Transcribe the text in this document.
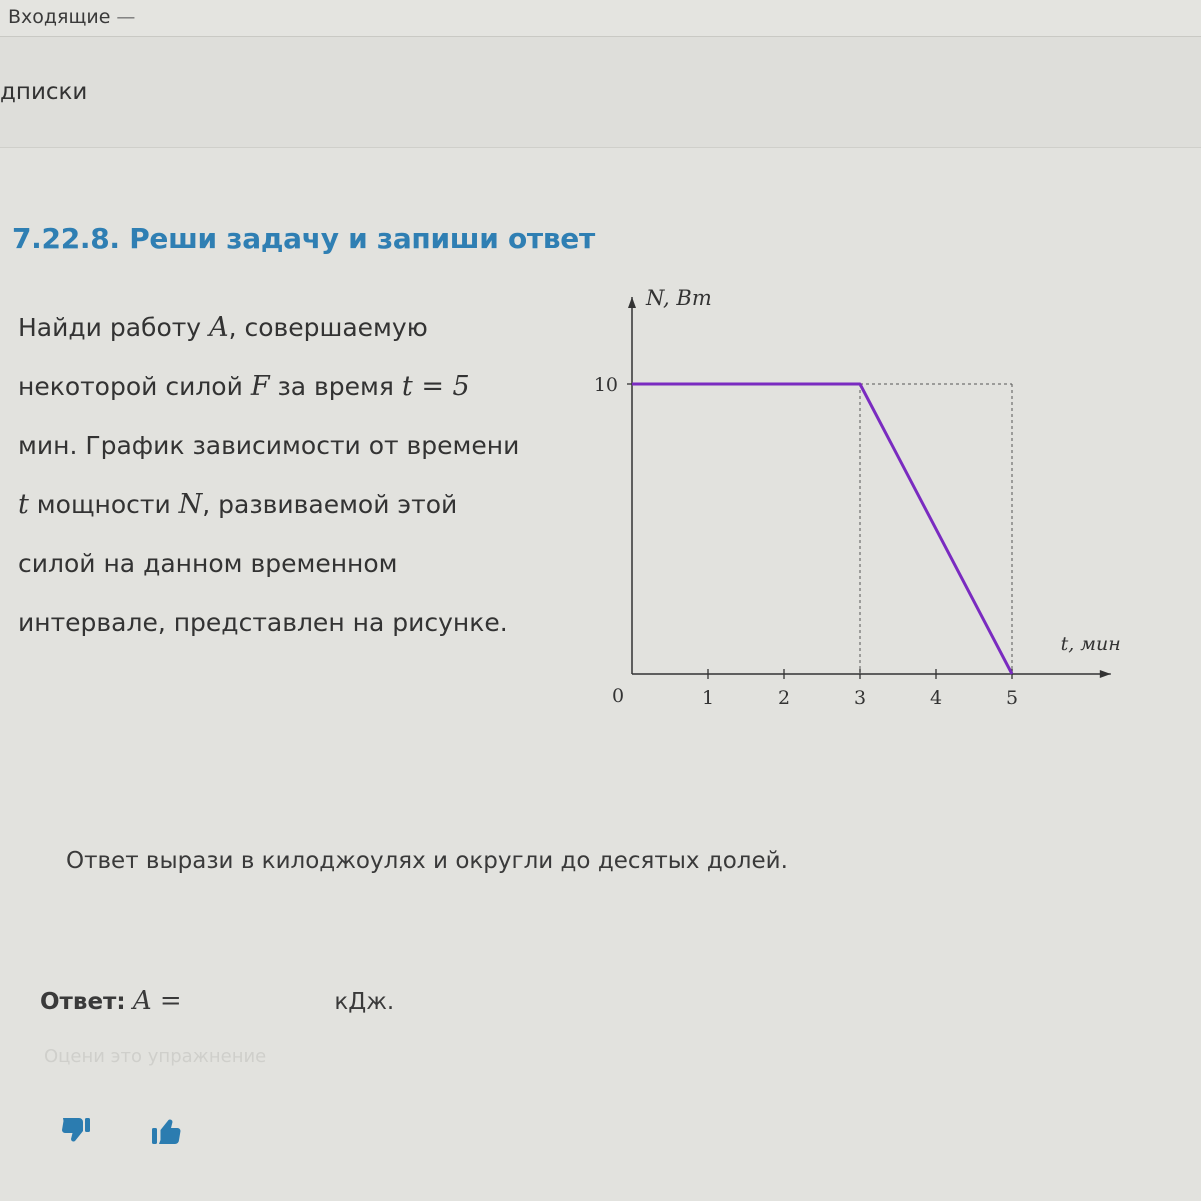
Входящие —
дписки
7.22.8. Реши задачу и запиши ответ
Найди работу A, совершаемую
некоторой силой F за время t = 5
мин. График зависимости от времени
t мощности N, развиваемой этой
силой на данном временном
интервале, представлен на рисунке.
N, Вт
t, мин
0	1	2	3	4	5
10
Ответ вырази в килоджоулях и округли до десятых долей.
Ответ: A =	кДж.
Оцени это упражнение
